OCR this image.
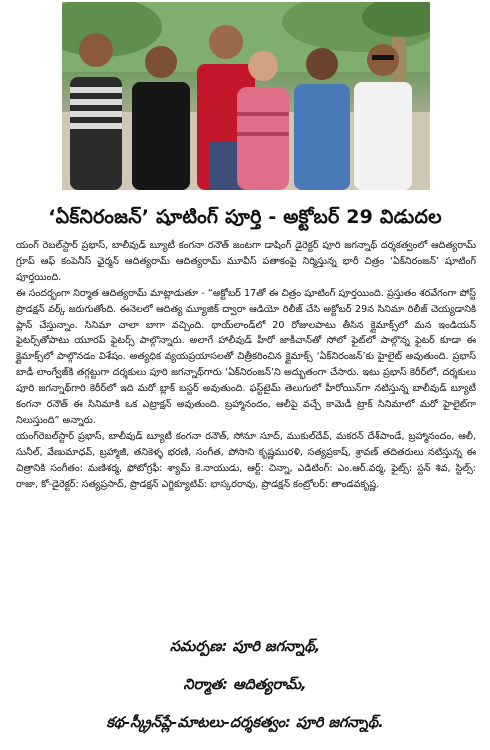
‘ఏక్‌నిరంజన్’ షూటింగ్‌ పూర్తి - అక్టోబర్‌ 29 విడుదల

యంగ్‌ రెబల్‌స్టార్‌ ప్రభాస్‌, బాలీవుడ్‌ బ్యూటీ కంగనా రనౌత్‌ జంటగా డాషింగ్‌ డైరెక్టర్‌ పూరి జగన్నాథ్‌ దర్శకత్వంలో ఆదిత్యరామ్‌ గ్రూప్‌ ఆఫ్‌ కంపెనీస్‌ ఛైర్మన్‌ ఆదిత్యరామ్‌ ఆదిత్యరామ్‌ మూవీస్‌ పతాకంపై నిర్మిస్తున్న భారీ చిత్రం ‘ఏక్‌నిరంజన్‌’ షూటింగ్‌ పూర్తయింది.

ఈ సందర్భంగా నిర్మాత ఆదిత్యరామ్‌ మాట్లాడుతూ - “అక్టోబర్‌ 17తో ఈ చిత్రం షూటింగ్‌ పూర్తయింది. ప్రస్తుతం శరవేగంగా పోస్ట్‌ ప్రొడక్షన్‌ వర్క్‌ జరుగుతోంది. ఈనెలలో ఆదిత్య మ్యూజిక్‌ ద్వారా ఆడియో రిలీజ్‌ చేసి అక్టోబర్‌ 29న సినిమా రిలీజ్‌ చెయ్యడానికి ప్లాన్‌ చేస్తున్నాం. సినిమా చాలా బాగా వచ్చింది. థాయ్‌లాండ్‌లో 20 రోజులపాటు తీసిన క్లైమాక్స్‌లో మన ఇండియన్‌ ఫైటర్స్‌తోపాటు యూరప్‌ ఫైటర్స్‌ పాల్గొన్నారు. అలాగే హాలీవుడ్‌ హీరో జాకీచాన్‌తో సోలో ఫైట్‌లో పాల్గొన్న ఫైటర్‌ కూడా ఈ క్లైమాక్స్‌లో పాల్గొనడం విశేషం. అత్యధిక వ్యయప్రయాసలతో చిత్రీకరించిన క్లైమాక్స్‌ ‘ఏక్‌నిరంజన్‌’కు హైలైట్‌ అవుతుంది. ప్రభాస్‌ బాడీ లాంగ్వేజ్‌కి తగ్గట్టుగా దర్శకులు పూరి జగన్నాథ్‌గారు ‘ఏక్‌నిరంజన్‌’ని అద్భుతంగా చేసారు. ఇటు ప్రభాస్‌ కెరీర్‌లో, దర్శకులు పూరి జగన్నాథ్‌గారి కెరీర్‌లో ఇది మరో బ్లాక్‌ బస్టర్‌ అవుతుంది. ఫస్ట్‌టైమ్‌ తెలుగులో హీరోయిన్‌గా నటిస్తున్న బాలీవుడ్‌ బ్యూటీ కంగనా రనౌత్‌ ఈ సినిమాకి ఒక ఎట్రాక్షన్‌ అవుతుంది. బ్రహ్మానందం, ఆలీపై వచ్చే కామెడీ ట్రాక్‌ సినిమాలో మరో హైలైట్‌గా నిలుస్తుంది” అన్నారు.

యంగ్‌రెబల్‌స్టార్‌ ప్రభాస్‌, బాలీవుడ్‌ బ్యూటీ కంగనా రనౌత్‌, సోనూ సూద్‌, ముకుల్‌దేవ్‌, మకరన్‌ దేశ్‌పాండే, బ్రహ్మానందం, ఆలీ, సునీల్‌, వేణుమాధవ్‌, బ్రహ్మాజీ, తనికెళ్ళ భరణి, సంగీత, పోసాని కృష్ణమురళి, సత్యప్రకాష్‌, శ్రావణ్‌ తదితరులు నటిస్తున్న ఈ చిత్రానికి సంగీతం: మణిశర్మ, ఫోటోగ్రఫీ: శ్యామ్‌ కె.నాయుడు, ఆర్ట్‌: చిన్నా, ఎడిటింగ్‌: ఎం.ఆర్‌.వర్మ, ఫైట్స్‌: స్టన్‌ శివ, స్టిల్స్‌: రాజా, కో-డైరెక్టర్‌: సత్యప్రసాద్‌, ప్రొడక్షన్‌ ఎగ్జిక్యూటివ్‌: భాస్కరరావు, ప్రొడక్షన్‌ కంట్రోలర్‌: తాండవకృష్ణ.

సమర్పణ: పూరి జగన్నాథ్‌,
నిర్మాత: ఆదిత్యరామ్‌,
కథ-స్క్రీన్‌ప్లే-మాటలు-దర్శకత్వం: పూరి జగన్నాథ్‌.
